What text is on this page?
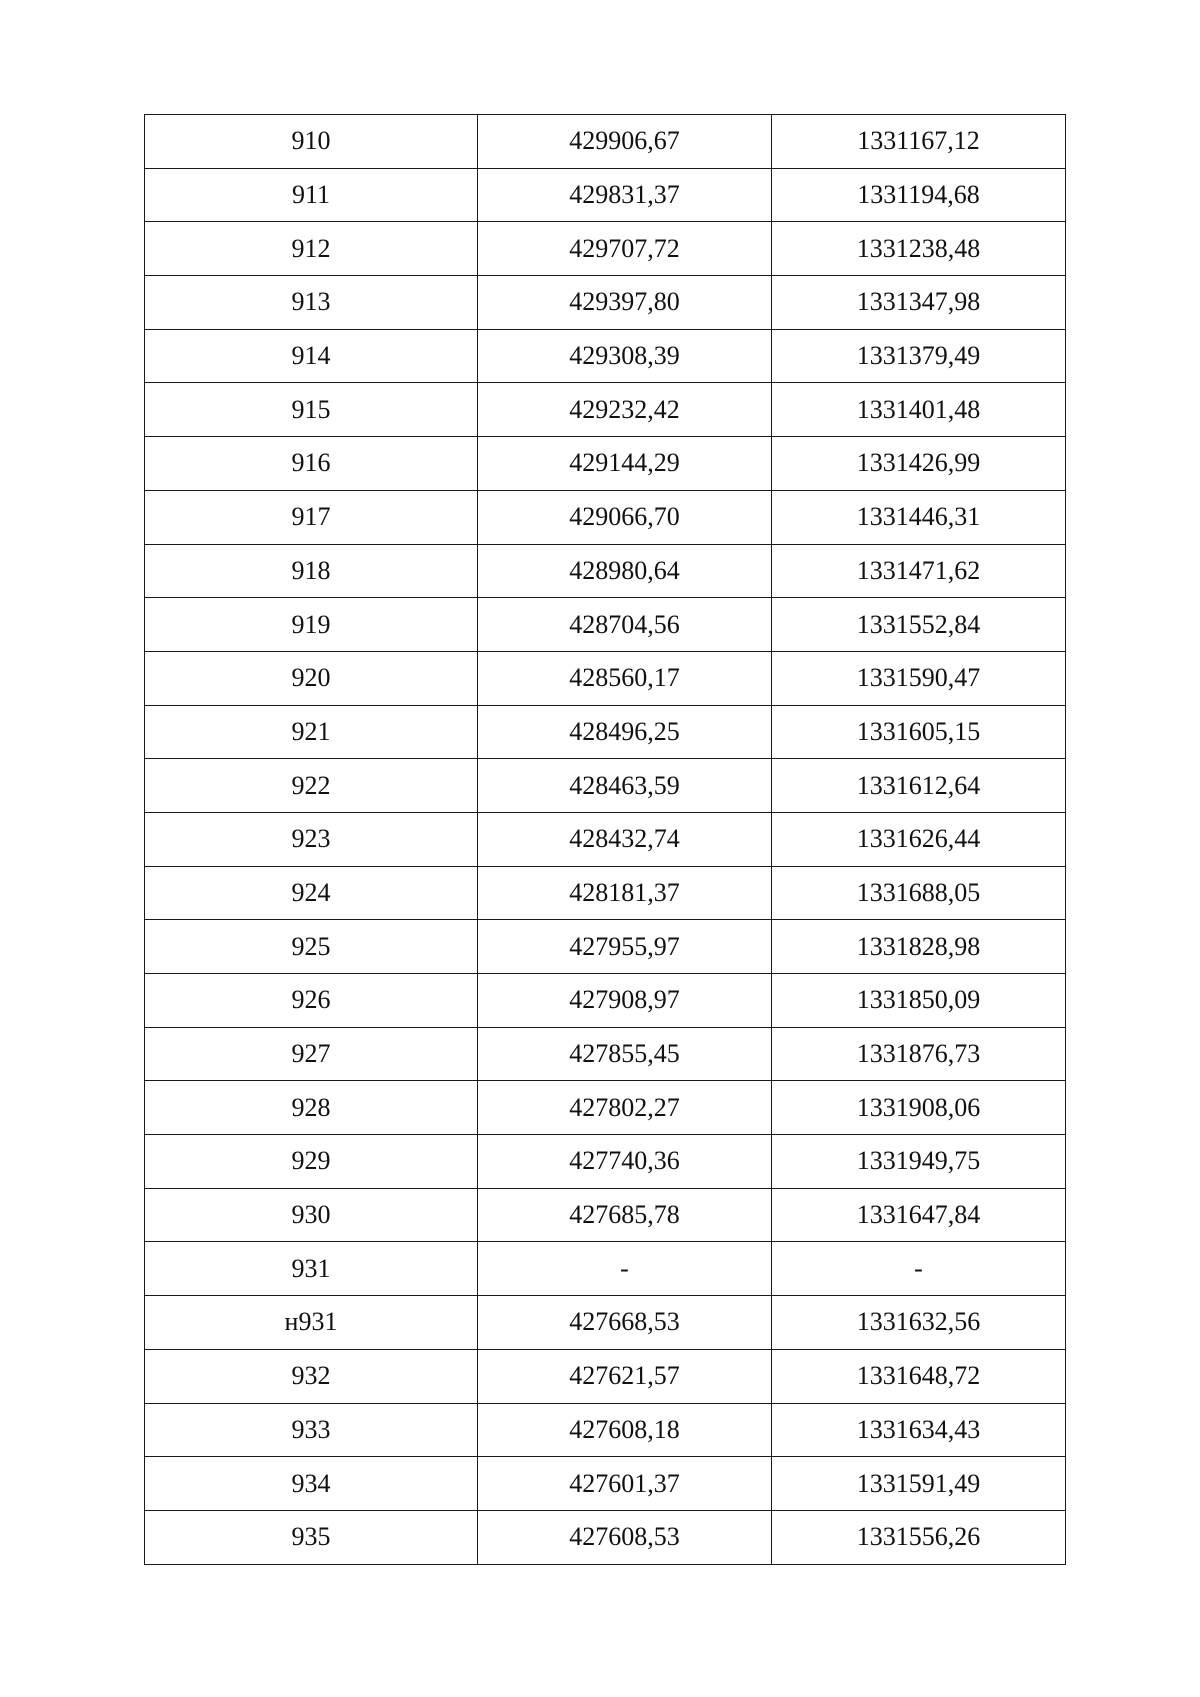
910	429906,67	1331167,12
911	429831,37	1331194,68
912	429707,72	1331238,48
913	429397,80	1331347,98
914	429308,39	1331379,49
915	429232,42	1331401,48
916	429144,29	1331426,99
917	429066,70	1331446,31
918	428980,64	1331471,62
919	428704,56	1331552,84
920	428560,17	1331590,47
921	428496,25	1331605,15
922	428463,59	1331612,64
923	428432,74	1331626,44
924	428181,37	1331688,05
925	427955,97	1331828,98
926	427908,97	1331850,09
927	427855,45	1331876,73
928	427802,27	1331908,06
929	427740,36	1331949,75
930	427685,78	1331647,84
931	-	-
н931	427668,53	1331632,56
932	427621,57	1331648,72
933	427608,18	1331634,43
934	427601,37	1331591,49
935	427608,53	1331556,26
